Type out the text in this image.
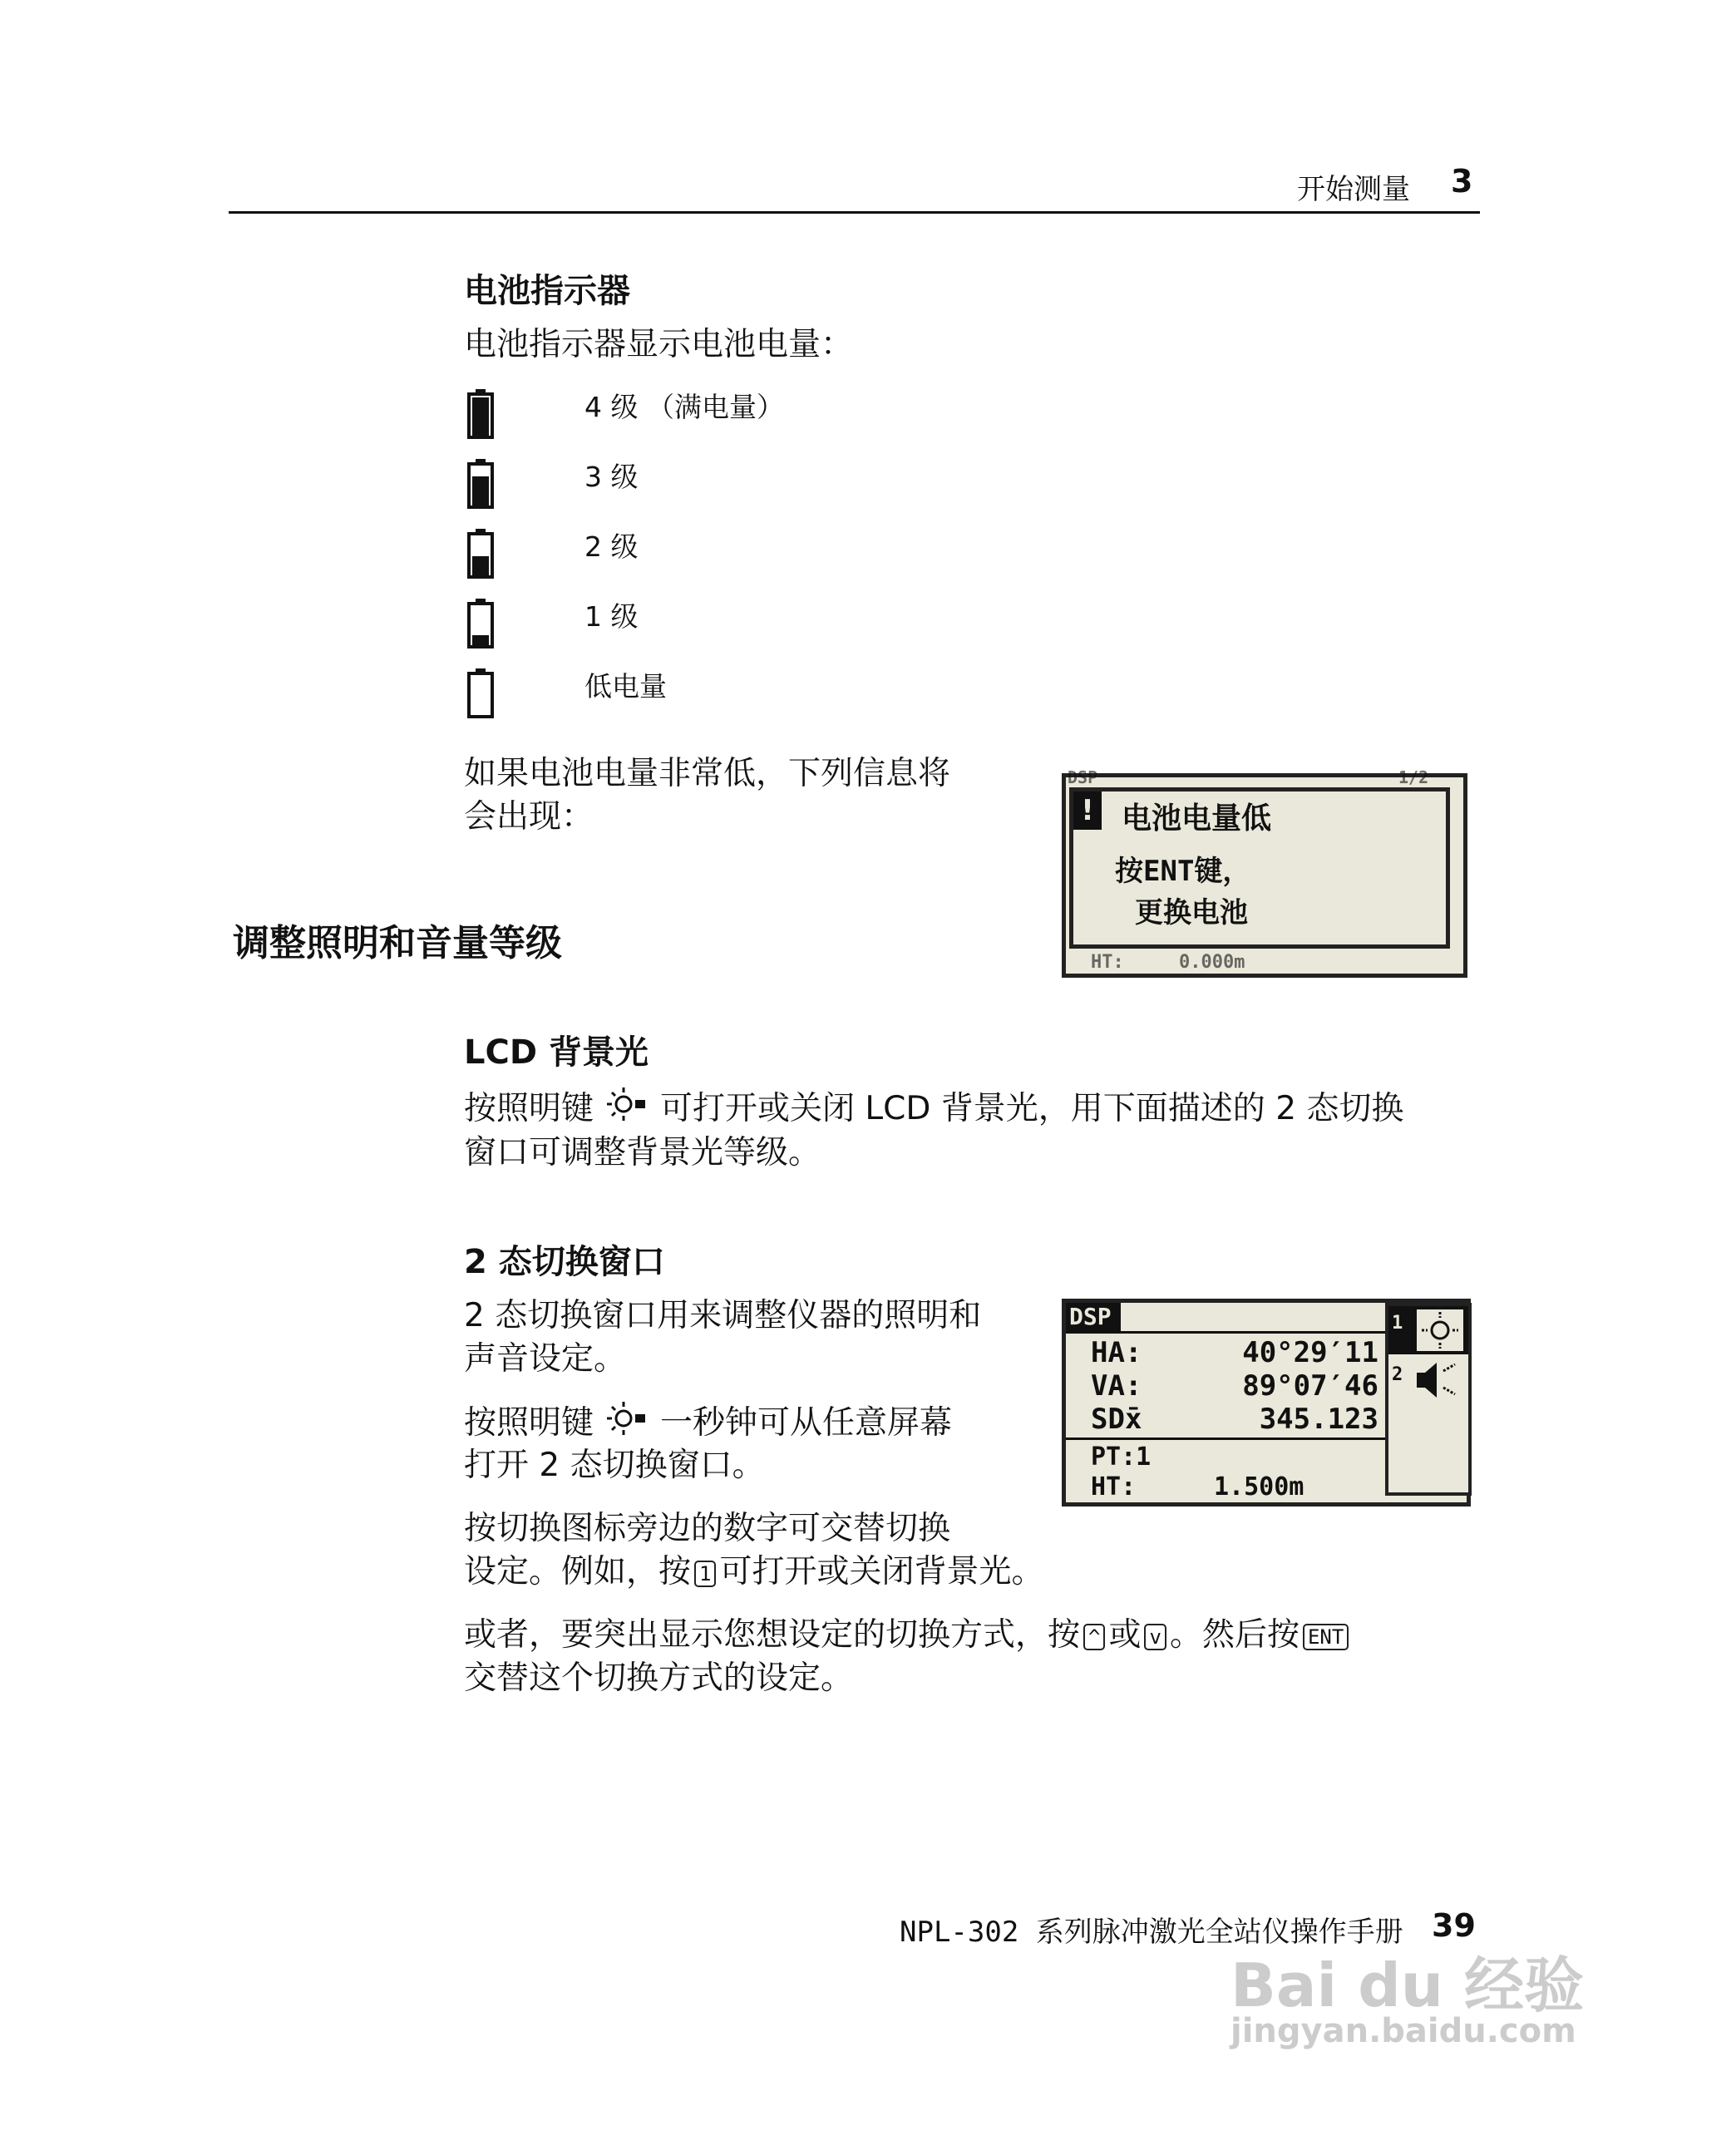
开始测量 3
电池指示器
电池指示器显示电池电量：
4 级 （满电量）
3 级
2 级
1 级
低电量
如果电池电量非常低，下列信息将
会出现：
DSP	1/2
! 电池电量低
按ENT键，
更换电池
HT:     0.000m
调整照明和音量等级
LCD 背景光
按照明键 可打开或关闭 LCD 背景光，用下面描述的 2 态切换
窗口可调整背景光等级。
2 态切换窗口
2 态切换窗口用来调整仪器的照明和
声音设定。
按照明键 一秒钟可从任意屏幕
打开 2 态切换窗口。
按切换图标旁边的数字可交替切换
设定。例如，按 1 可打开或关闭背景光。
或者，要突出显示您想设定的切换方式，按 ^ 或 v 。然后按 ENT
交替这个切换方式的设定。
DSP
HA:	40°29′11
VA:	89°07′46
SDx̄	345.123
PT:1
HT:	1.500m
1
2
NPL-302 系列脉冲激光全站仪操作手册 39
Bai du 经验
jingyan.baidu.com
